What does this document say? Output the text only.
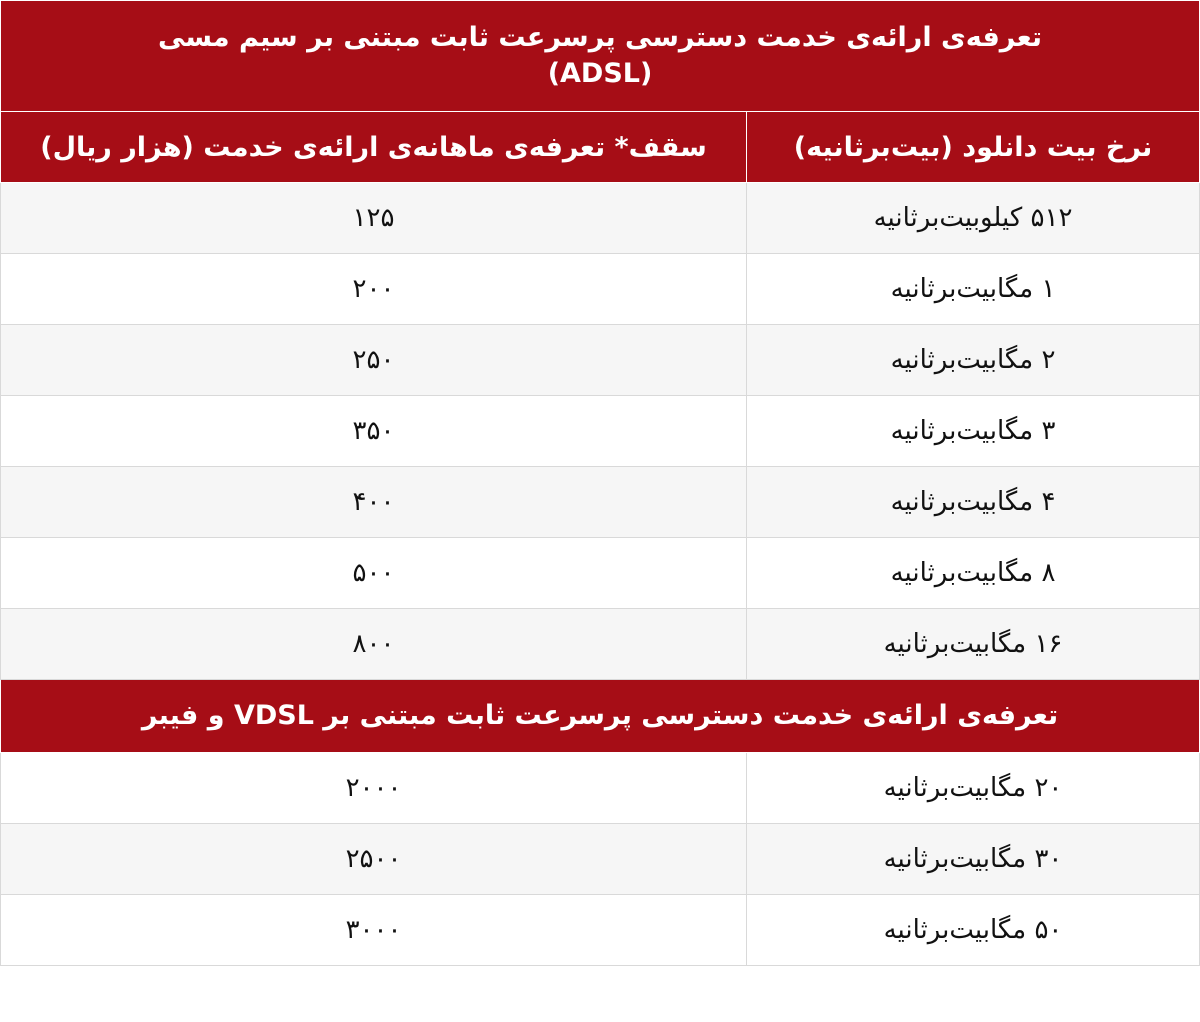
تعرفه‌ی ارائه‌ی خدمت دسترسی پرسرعت ثابت مبتنی بر سیم مسی
(ADSL)	

نرخ بیت دانلود (بیت‌برثانیه)	سقف* تعرفه‌ی ماهانه‌ی ارائه‌ی خدمت (هزار ریال)
۵۱۲ کیلوبیت‌برثانیه	۱۲۵
۱ مگابیت‌برثانیه	۲۰۰
۲ مگابیت‌برثانیه	۲۵۰
۳ مگابیت‌برثانیه	۳۵۰
۴ مگابیت‌برثانیه	۴۰۰
۸ مگابیت‌برثانیه	۵۰۰
۱۶ مگابیت‌برثانیه	۸۰۰
تعرفه‌ی ارائه‌ی خدمت دسترسی پرسرعت ثابت مبتنی بر VDSL و فیبر	
۲۰ مگابیت‌برثانیه	۲۰۰۰
۳۰ مگابیت‌برثانیه	۲۵۰۰
۵۰ مگابیت‌برثانیه	۳۰۰۰
